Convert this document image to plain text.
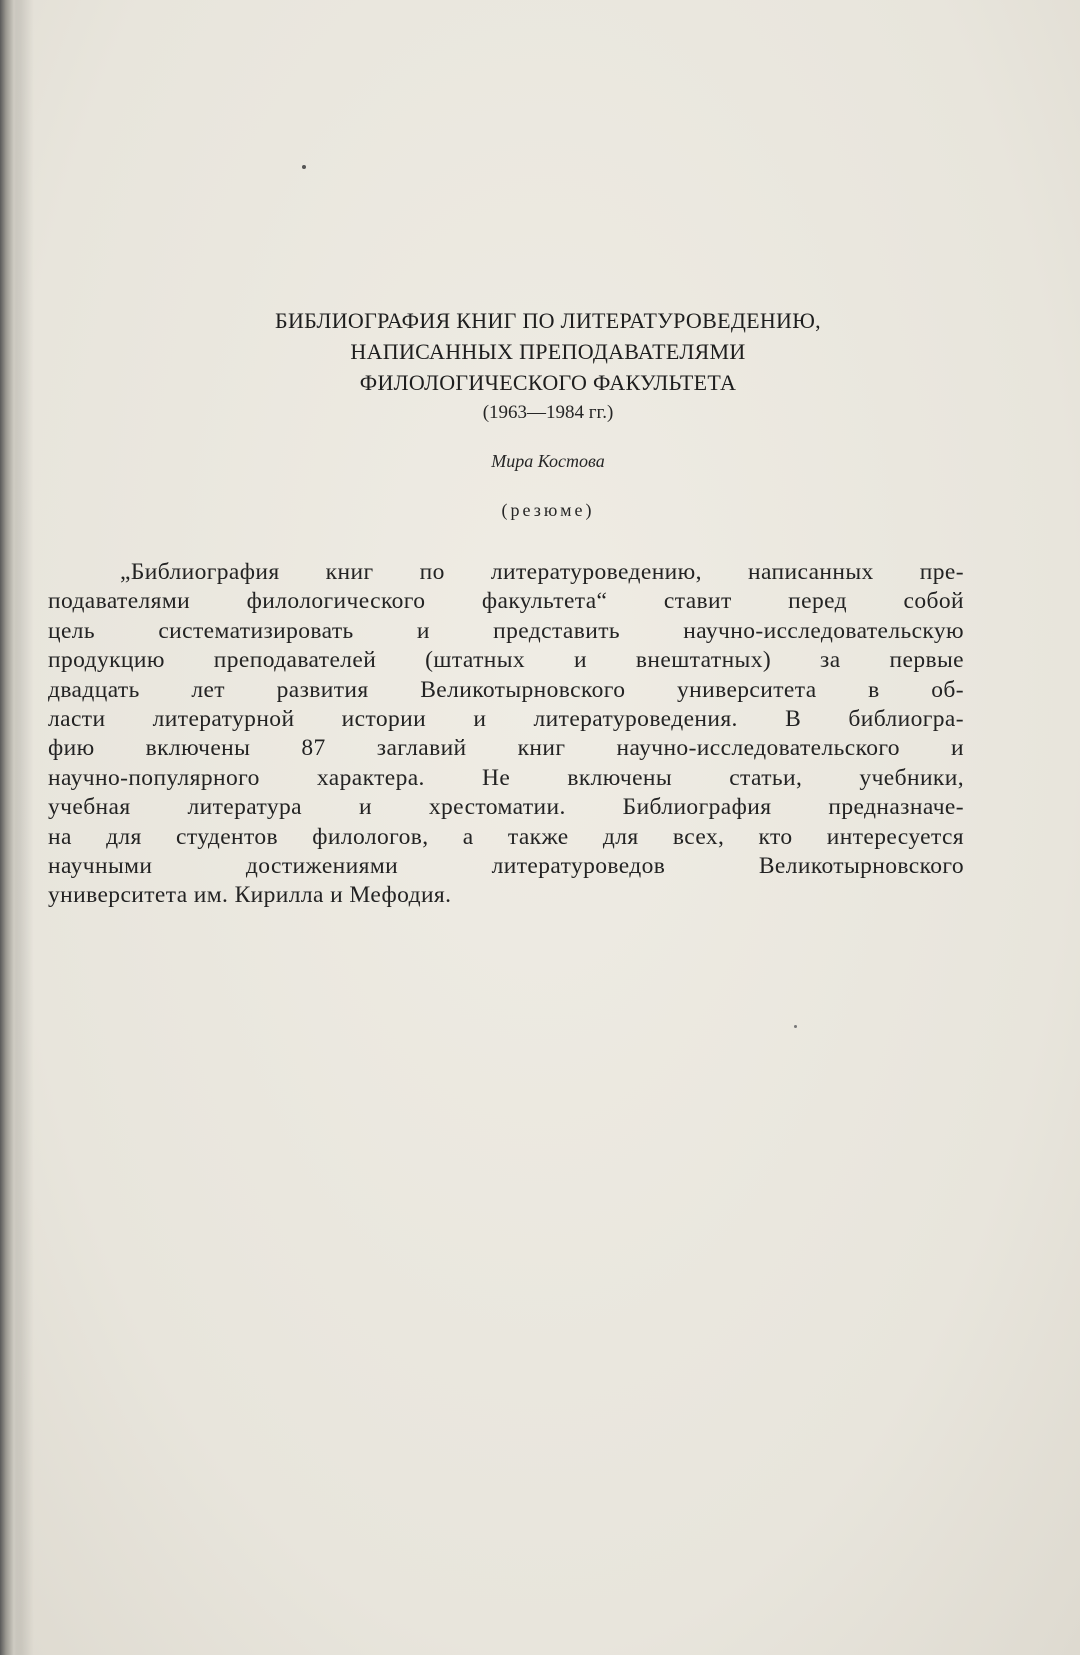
БИБЛИОГРАФИЯ КНИГ ПО ЛИТЕРАТУРОВЕДЕНИЮ,
НАПИСАННЫХ ПРЕПОДАВАТЕЛЯМИ
ФИЛОЛОГИЧЕСКОГО ФАКУЛЬТЕТА
(1963—1984 гг.)
Мира Костова
(резюме)
„Библиография книг по литературоведению, написанных пре-
подавателями филологического факультета“ ставит перед собой
цель систематизировать и представить научно-исследовательскую
продукцию преподавателей (штатных и внештатных) за первые
двадцать лет развития Великотырновского университета в об-
ласти литературной истории и литературоведения. В библиогра-
фию включены 87 заглавий книг научно-исследовательского и
научно-популярного характера. Не включены статьи, учебники,
учебная литература и хрестоматии. Библиография предназначе-
на для студентов филологов, а также для всех, кто интересуется
научными достижениями литературоведов Великотырновского
университета им. Кирилла и Мефодия.
